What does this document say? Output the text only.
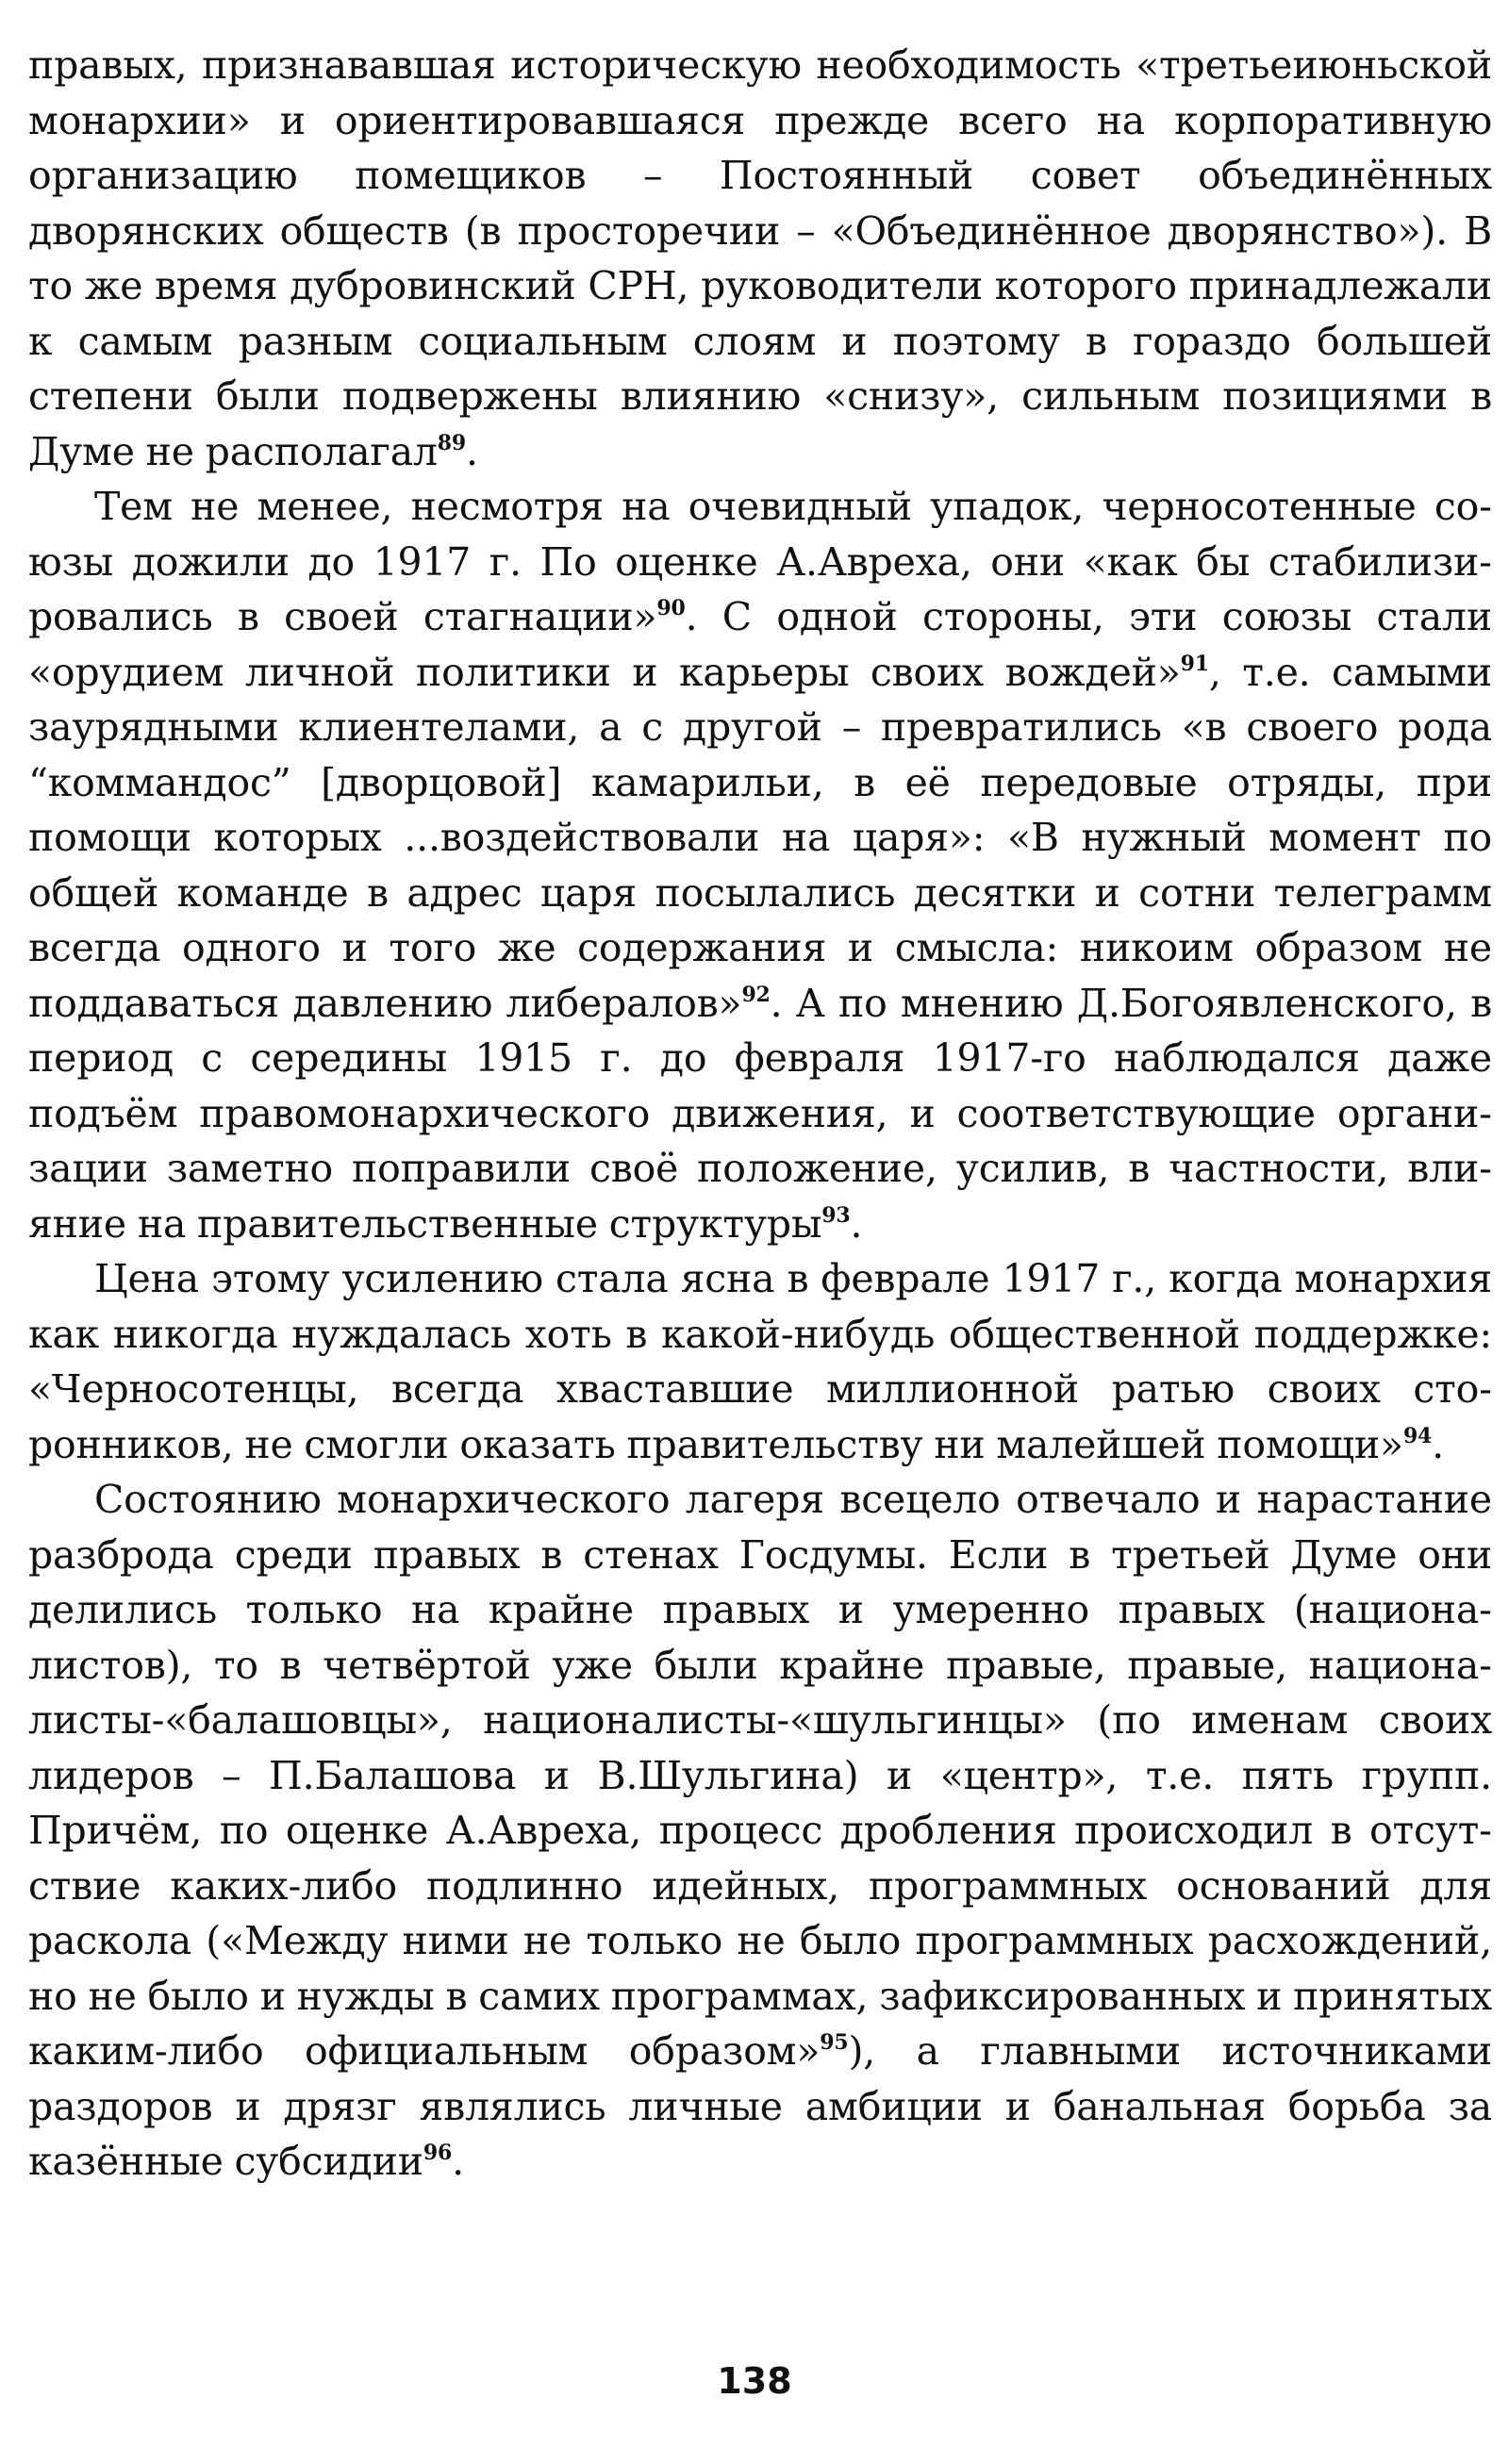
правых, признававшая историческую необходимость «третьеиюньской монархии» и ориентировавшаяся прежде всего на корпоративную организацию помещиков – Постоянный совет объединённых дворянских обществ (в просторечии – «Объединённое дворянство»). В то же время дубровинский СРН, руководители которого принадлежали к самым разным социальным слоям и поэтому в гораздо большей степени были подвержены влиянию «снизу», сильным позициями в Думе не располагал$^{89}$.

Тем не менее, несмотря на очевидный упадок, черносотенные союзы дожили до 1917 г. По оценке А.Авреха, они «как бы стабилизировались в своей стагнации»$^{90}$. С одной стороны, эти союзы стали «орудием личной политики и карьеры своих вождей»$^{91}$, т.е. самыми заурядными клиентелами, а с другой – превратились «в своего рода “коммандос” [дворцовой] камарильи, в её передовые отряды, при помощи которых ...воздействовали на царя»: «В нужный момент по общей команде в адрес царя посылались десятки и сотни телеграмм всегда одного и того же содержания и смысла: никоим образом не поддаваться давлению либералов»$^{92}$. А по мнению Д.Богоявленского, в период с середины 1915 г. до февраля 1917-го наблюдался даже подъём правомонархического движения, и соответствующие организации заметно поправили своё положение, усилив, в частности, влияние на правительственные структуры$^{93}$.

Цена этому усилению стала ясна в феврале 1917 г., когда монархия как никогда нуждалась хоть в какой-нибудь общественной поддержке: «Черносотенцы, всегда хваставшие миллионной ратью своих сторонников, не смогли оказать правительству ни малейшей помощи»$^{94}$.

Состоянию монархического лагеря всецело отвечало и нарастание разброда среди правых в стенах Госдумы. Если в третьей Думе они делились только на крайне правых и умеренно правых (националистов), то в четвёртой уже были крайне правые, правые, националисты-«балашовцы», националисты-«шульгинцы» (по именам своих лидеров – П.Балашова и В.Шульгина) и «центр», т.е. пять групп. Причём, по оценке А.Авреха, процесс дробления происходил в отсутствие каких-либо подлинно идейных, программных оснований для раскола («Между ними не только не было программных расхождений, но не было и нужды в самих программах, зафиксированных и принятых каким-либо официальным образом»$^{95}$), а главными источниками раздоров и дрязг являлись личные амбиции и банальная борьба за казённые субсидии$^{96}$.

138
